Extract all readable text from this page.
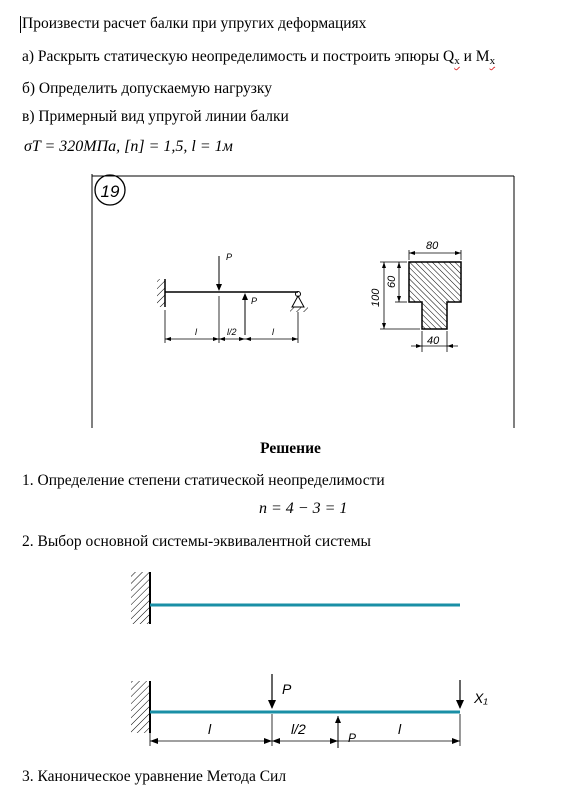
Произвести расчет балки при упругих деформациях
а) Раскрыть статическую неопределимость и построить эпюры $Q_x$ и $M_x$
б) Определить допускаемую нагрузку
в) Примерный вид упругой линии балки
σT = 320МПа, [n] = 1,5, l = 1м
19
P
P
l	l/2	l
80
40
100
60
Решение
1. Определение степени статической неопределимости
n = 4 − 3 = 1
2. Выбор основной системы-эквивалентной системы
P
X₁
P
l	l/2	l
3. Каноническое уравнение Метода Сил
